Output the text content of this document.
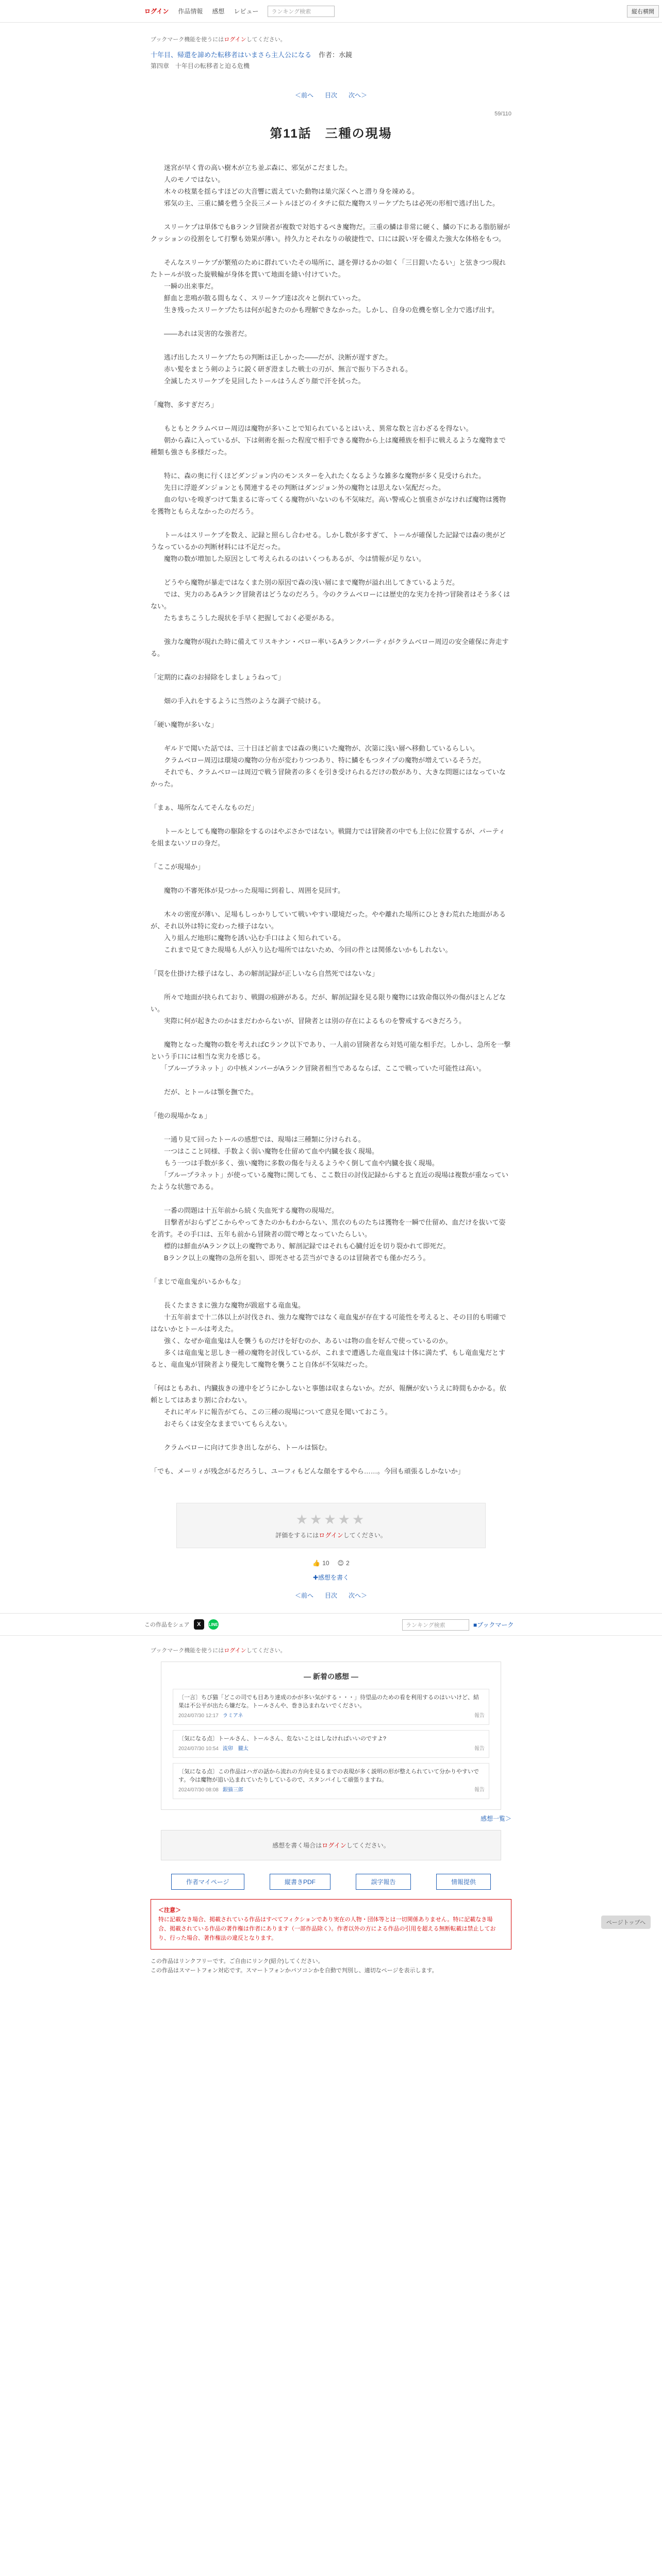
ログイン 作品情報 感想 レビュー	ランキング検索	縦右横開
ブックマーク機能を使うにはログインしてください。
十年目、帰還を諦めた転移者はいまさら主人公になる 作者：水鏡
第四章　十年目の転移者と迫る危機
＜前へ 目次 次へ＞
59/110
第11話　三種の現場

　　迷宮が早く背の高い樹木が立ち並ぶ森に、邪気がこだました。

　　人のモノではない。

　　木々の枝葉を揺らすほどの大音響に震えていた動物は巣穴深くへと潜り身を竦める。

　　邪気の主、三重に鱗を甦う全長三メートルほどのイタチに似た魔物スリーケプたちは必死の形相で逃げ出した。

　　スリーケプは単体でもBランク冒険者が複数で対処するべき魔物だ。三重の鱗は非常に硬く、鱗の下にある脂肪層がクッションの役割をして打撃も効果が薄い。持久力とそれなりの敏捷性で、口には鋭い牙を備えた強大な体格をもつ。

　　そんなスリーケプが繁殖のために群れていたその場所に、謎を弾けるかの如く「三日鎧いたるい」と弦きつつ現れたトールが放った旋戦輪が身体を貫いて地面を縫い付けていた。

　　一瞬の出来事だ。

　　鮮血と悲鳴が散る間もなく、スリーケプ達は次々と倒れていった。

　　生き残ったスリーケプたちは何が起きたのかも理解できなかった。しかし、自身の危機を察し全力で逃げ出す。

　　――あれは災害的な強者だ。

　　逃げ出したスリーケプたちの判断は正しかった――だが、決断が遅すぎた。

　　赤い髪をまとう剣のように鋭く研ぎ澄ました戦士の刃が、無言で振り下ろされる。

　　全滅したスリーケプを見回したトールはうんざり顔で汗を拭った。

「魔物、多すぎだろ」

　　もともとクラムベロー周辺は魔物が多いことで知られているとはいえ、異常な数と言わざるを得ない。

　　朝から森に入っているが、下は剣術を振った程度で相手できる魔物から上は魔種族を相手に戦えるような魔物まで種類も強さも多様だった。

　　特に、森の奥に行くほどダンジョン内のモンスターを入れたくなるような雑多な魔物が多く見受けられた。

　　先日に浮遊ダンジョンとも関連するその判断はダンジョン外の魔物とは思えない気配だった。

　　血の匂いを嗅ぎつけて集まるに寄ってくる魔物がいないのも不気味だ。高い警戒心と慎重さがなければ魔物は獲物を獲物ともらえなかったのだろう。

　　トールはスリーケプを数え、記録と照らし合わせる。しかし数が多すぎて、トールが確保した記録では森の奥がどうなっているかの判断材料には不足だった。

　　魔物の数が増加した原因として考えられるのはいくつもあるが、今は情報が足りない。

　　どうやら魔物が暴走ではなくまた別の原因で森の浅い層にまで魔物が溢れ出してきているようだ。

　　では、実力のあるAランク冒険者はどうなのだろう。今のクラムベローには歴史的な実力を持つ冒険者はそう多くはない。

　　たちまちこうした現状を手早く把握しておく必要がある。

　　強力な魔物が現れた時に備えてリスキナン・ベロー率いるAランクパーティがクラムベロー周辺の安全確保に奔走する。

「定期的に森のお掃除をしましょうねって」

　　畑の手入れをするように当然のような調子で続ける。

「硬い魔物が多いな」

　　ギルドで聞いた話では、三十日ほど前までは森の奥にいた魔物が、次第に浅い層へ移動しているらしい。

　　クラムベロー周辺は環境の魔物の分布が変わりつつあり、特に鱗をもつタイプの魔物が増えているそうだ。

　　それでも、クラムベローは周辺で戦う冒険者の多くを引き受けられるだけの数があり、大きな問題にはなっていなかった。

「まぁ、場所なんてそんなものだ」

　　トールとしても魔物の駆除をするのはやぶさかではない。戦闘力では冒険者の中でも上位に位置するが、パーティを組まないソロの身だ。

「ここが現場か」

　　魔物の不審死体が見つかった現場に到着し、周囲を見回す。

　　木々の密度が薄い、足場もしっかりしていて戦いやすい環境だった。やや離れた場所にひときわ荒れた地面があるが、それ以外は特に変わった様子はない。

　　入り組んだ地形に魔物を誘い込む手口はよく知られている。

　　これまで見てきた現場も人が入り込む場所ではないため、今回の件とは関係ないかもしれない。

「罠を仕掛けた様子はなし、あの解剖記録が正しいなら自然死ではないな」

　　所々で地面が抉られており、戦闘の痕跡がある。だが、解剖記録を見る限り魔物には致命傷以外の傷がほとんどない。

　　実際に何が起きたのかはまだわからないが、冒険者とは別の存在によるものを警戒するべきだろう。

　　魔物となった魔物の数を考えればCランク以下であり、一人前の冒険者なら対処可能な相手だ。しかし、急所を一撃という手口には相当な実力を感じる。

　　「ブループラネット」の中核メンバーがAランク冒険者相当であるならば、ここで戦っていた可能性は高い。

　　だが、とトールは顎を撫でた。

「他の現場かなぁ」

　　一通り見て回ったトールの感想では、現場は三種類に分けられる。

　　一つはここと同様、手数よく弱い魔物を仕留めて血や内臓を抜く現場。

　　もう一つは手数が多く、強い魔物に多数の傷を与えるようやく倒して血や内臓を抜く現場。

　　「ブループラネット」が使っている魔物に関しても、ここ数日の討伐記録からすると直近の現場は複数が重なっていたような状態である。

　　一番の問題は十五年前から続く失血死する魔物の現場だ。

　　目撃者がおらずどこからやってきたのかもわからない、黒衣のものたちは獲物を一瞬で仕留め、血だけを抜いて姿を消す。その手口は、五年も前から冒険者の間で噂となっていたらしい。

　　標的は鮮血がAランク以上の魔物であり、解剖記録ではそれも心臓付近を切り裂かれて即死だ。

　　Bランク以上の魔物の急所を狙い、即死させる芸当ができるのは冒険者でも僅かだろう。

「まじで竜血鬼がいるかもな」

　　長くたまさまに強力な魔物が跋扈する竜血鬼。

　　十五年前まで十二体以上が討伐され、強力な魔物ではなく竜血鬼が存在する可能性を考えると、その目的も明確ではないかとトールは考えた。

　　強く、なぜか竜血鬼は人を襲うものだけを好むのか、あるいは物の血を好んで使っているのか。

　　多くは竜血鬼と思しき一種の魔物を討伐しているが、これまで遭遇した竜血鬼は十体に満たず、もし竜血鬼だとすると、竜血鬼が冒険者より優先して魔物を襲うこと自体が不気味だった。

「何はともあれ、内臓抜きの連中をどうにかしないと事態は収まらないか。だが、報酬が安いうえに時間もかかる。依頼としてはあまり割に合わない。

　　それにギルドに報告がてら、この三種の現場について意見を聞いておこう。

　　おそらくは安全なままでいてもらえない。

　　クラムベローに向けて歩き出しながら、トールは悩む。

「でも、メーリィが残念がるだろうし、ユーフィもどんな顔をするやら……。今回も頑張るしかないか」

★★★★★
評価をするにはログインしてください。
👍 10 😊 2
✚感想を書く
＜前へ 目次 次へ＞
この作品をシェア	X	LINE	ランキング検索	■ブックマーク
ブックマーク機能を使うにはログインしてください。
― 新着の感想 ―
〔一言〕ちび猫「どこの司でも目あり達成のかが多い気がする・・・」待望品のための看を利用するのはいいけど、結果は不公平が出たら嫌だな。トールさんや、巻き込まれないでください。
2024/07/30 12:17 ラミアネ	報告
〔気になる点〕トールさん、トールさん、危ないことはしなければいいのですよ?
2024/07/30 10:54 流卯　朧太	報告
〔気になる点〕この作品はハガの話から流れの方向を見るまでの表現が多く説明の形が整えられていて分かりやすいです。今は魔物が追い込まれていたりしているので、スタンバイして頑張りますね。
2024/07/30 08:08 銀猫三郎	報告
感想一覧＞
感想を書く場合はログインしてください。
作者マイページ	縦書きPDF	誤字報告	情報提供
＜注意＞
特に記載なき場合、掲載されている作品はすべてフィクションであり実在の人物・団体等とは一切関係ありません。特に記載なき場合、掲載されている作品の著作権は作者にあります（一部作品除く）。作者以外の方による作品の引用を超える無断転載は禁止しており、行った場合、著作権法の違反となります。
この作品はリンクフリーです。ご自由にリンク(紹介)してください。
この作品はスマートフォン対応です。スマートフォンかパソコンかを自動で判別し、適切なページを表示します。
ページトップへ
